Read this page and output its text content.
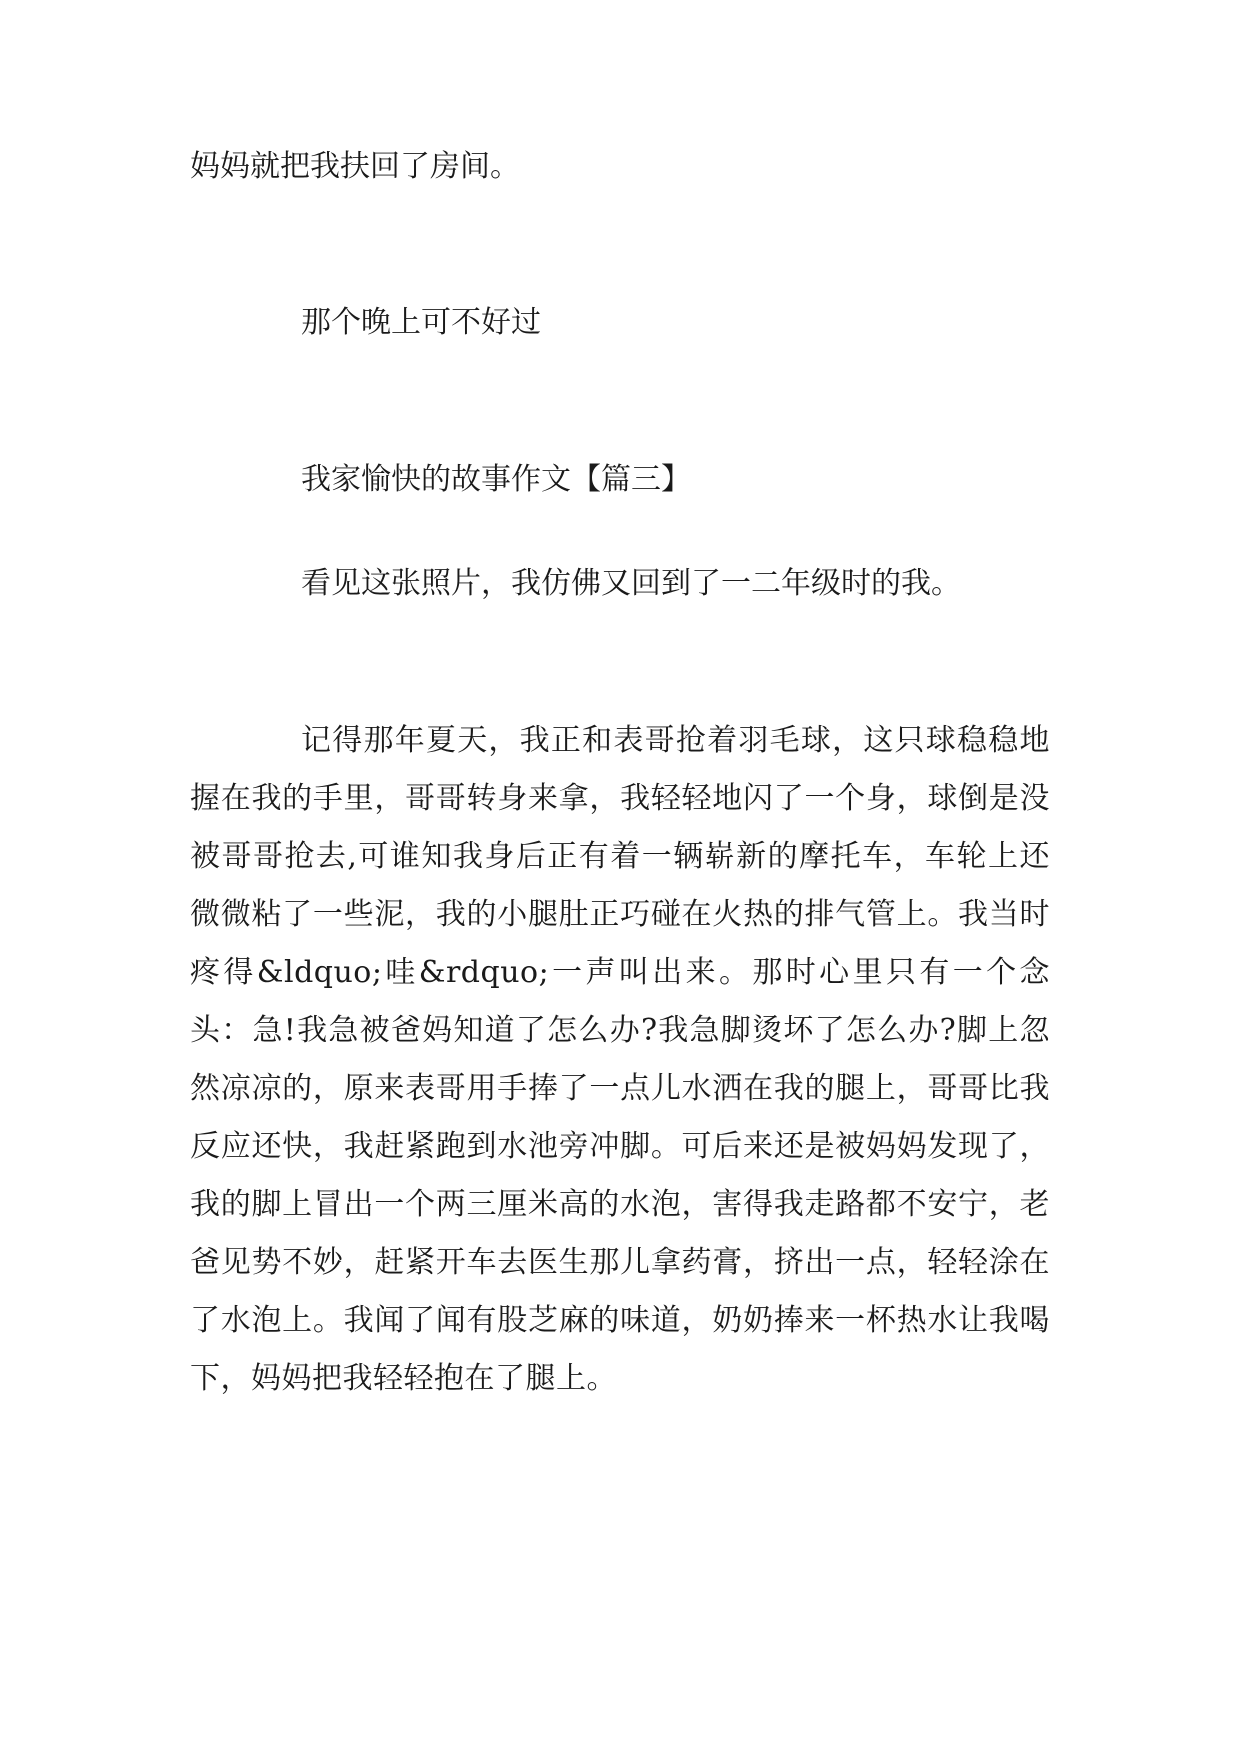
妈妈就把我扶回了房间。

那个晚上可不好过

我家愉快的故事作文【篇三】

看见这张照片，我仿佛又回到了一二年级时的我。

记得那年夏天，我正和表哥抢着羽毛球，这只球稳稳地握在我的手里，哥哥转身来拿，我轻轻地闪了一个身，球倒是没被哥哥抢去,可谁知我身后正有着一辆崭新的摩托车，车轮上还微微粘了一些泥，我的小腿肚正巧碰在火热的排气管上。我当时疼得&ldquo;哇&rdquo;一声叫出来。那时心里只有一个念头：急!我急被爸妈知道了怎么办?我急脚烫坏了怎么办?脚上忽然凉凉的，原来表哥用手捧了一点儿水洒在我的腿上，哥哥比我反应还快，我赶紧跑到水池旁冲脚。可后来还是被妈妈发现了，我的脚上冒出一个两三厘米高的水泡，害得我走路都不安宁，老爸见势不妙，赶紧开车去医生那儿拿药膏，挤出一点，轻轻涂在了水泡上。我闻了闻有股芝麻的味道，奶奶捧来一杯热水让我喝下，妈妈把我轻轻抱在了腿上。
